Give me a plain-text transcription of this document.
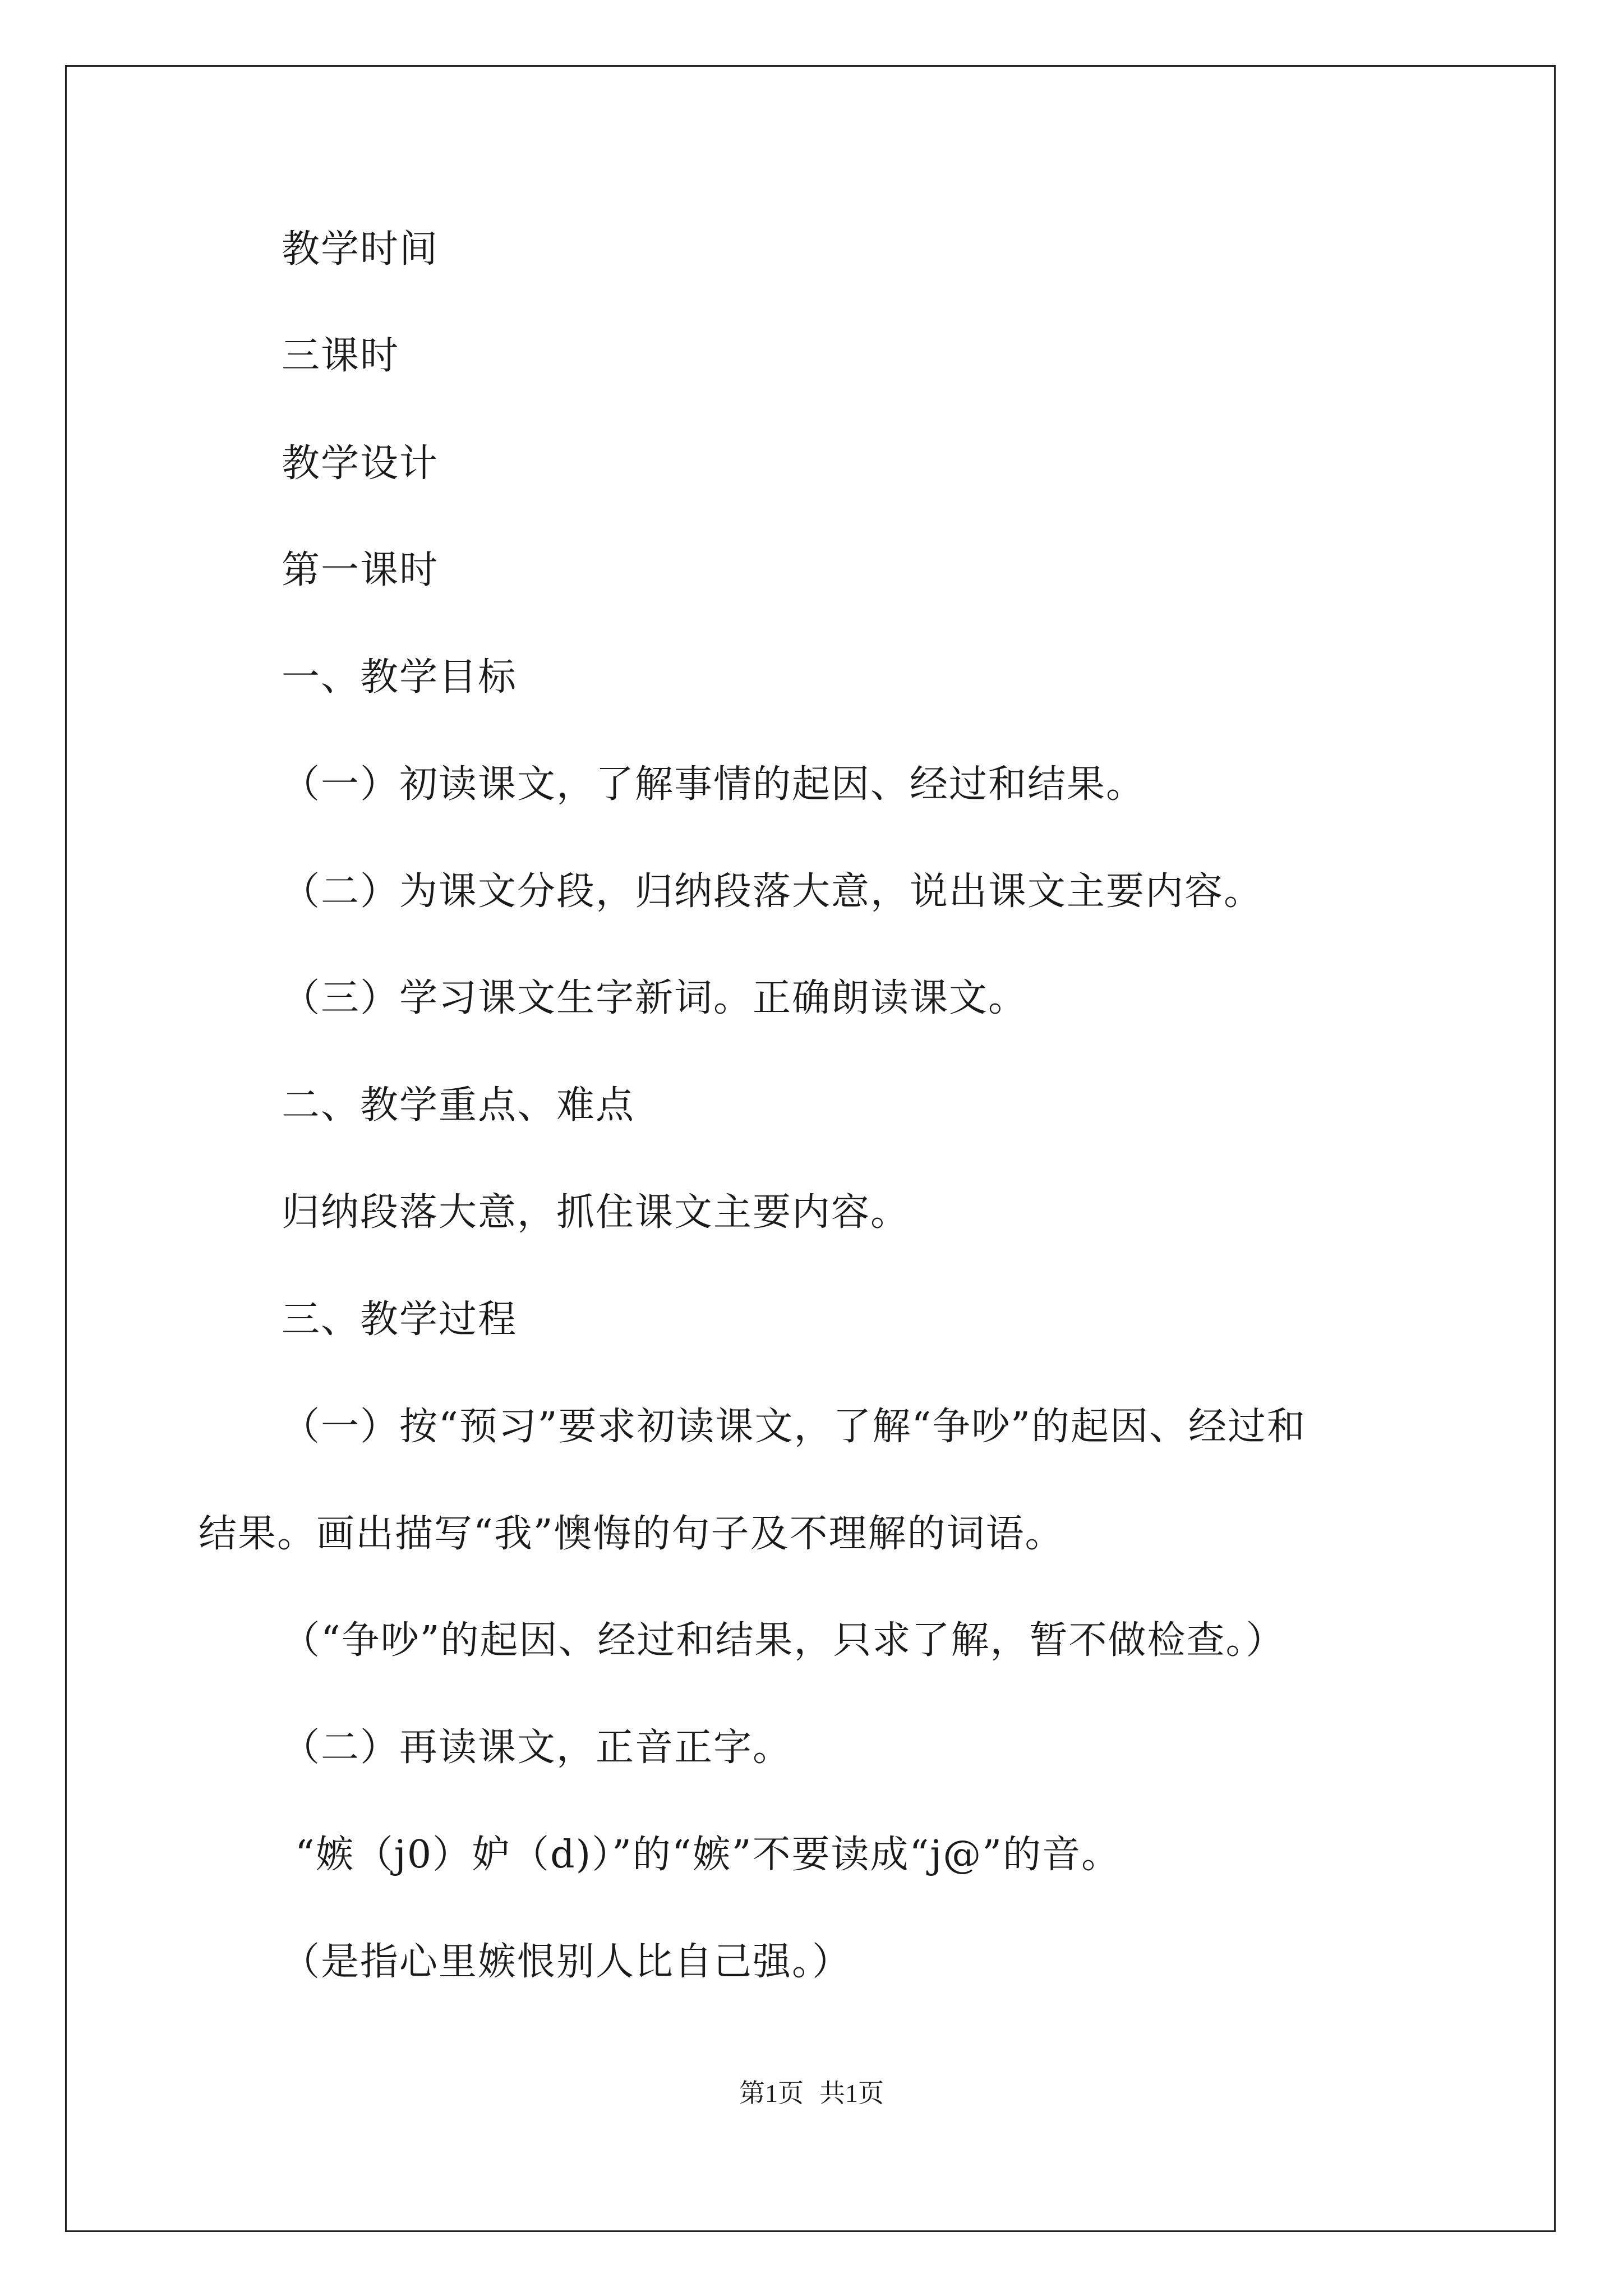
教学时间
三课时
教学设计
第一课时
一、教学目标
（一）初读课文，了解事情的起因、经过和结果。
（二）为课文分段，归纳段落大意，说出课文主要内容。
（三）学习课文生字新词。正确朗读课文。
二、教学重点、难点
归纳段落大意，抓住课文主要内容。
三、教学过程
（一）按“预习”要求初读课文，了解“争吵”的起因、经过和
结果。画出描写“我”懊悔的句子及不理解的词语。
（“争吵”的起因、经过和结果，只求了解，暂不做检查。）
（二）再读课文，正音正字。
“嫉（j0）妒（d)）”的“嫉”不要读成“j@”的音。
（是指心里嫉恨别人比自己强。）
第1页 共1页
